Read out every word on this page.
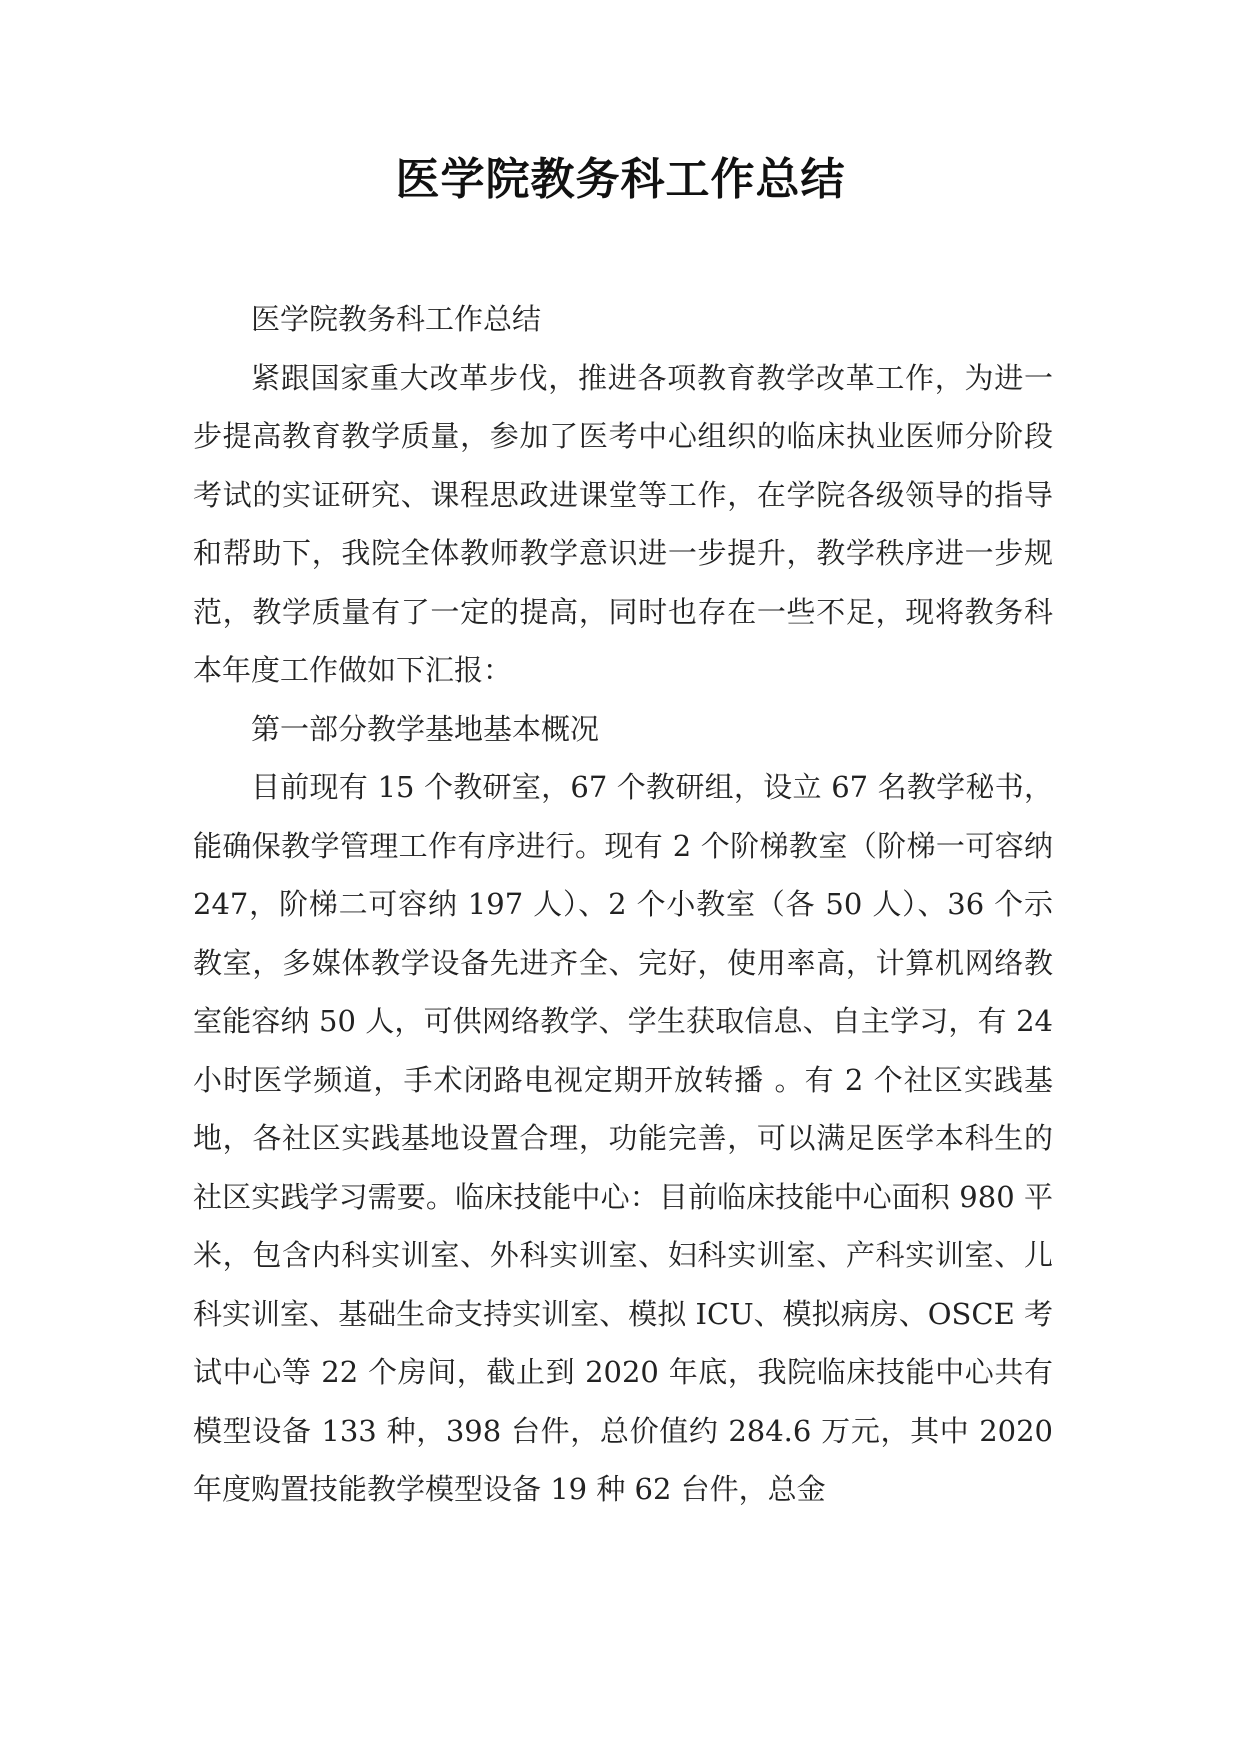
医学院教务科工作总结

医学院教务科工作总结

紧跟国家重大改革步伐，推进各项教育教学改革工作，为进一步提高教育教学质量，参加了医考中心组织的临床执业医师分阶段考试的实证研究、课程思政进课堂等工作，在学院各级领导的指导和帮助下，我院全体教师教学意识进一步提升，教学秩序进一步规范，教学质量有了一定的提高，同时也存在一些不足，现将教务科本年度工作做如下汇报：

第一部分教学基地基本概况

目前现有 15 个教研室，67 个教研组，设立 67 名教学秘书，能确保教学管理工作有序进行。现有 2 个阶梯教室（阶梯一可容纳 247，阶梯二可容纳 197 人）、2 个小教室（各 50 人）、36 个示教室，多媒体教学设备先进齐全、完好，使用率高，计算机网络教室能容纳 50 人，可供网络教学、学生获取信息、自主学习，有 24 小时医学频道，手术闭路电视定期开放转播 。有 2 个社区实践基地，各社区实践基地设置合理，功能完善，可以满足医学本科生的社区实践学习需要。临床技能中心：目前临床技能中心面积 980 平米，包含内科实训室、外科实训室、妇科实训室、产科实训室、儿科实训室、基础生命支持实训室、模拟 ICU、模拟病房、OSCE 考试中心等 22 个房间，截止到 2020 年底，我院临床技能中心共有模型设备 133 种，398 台件，总价值约 284.6 万元，其中 2020 年度购置技能教学模型设备 19 种 62 台件，总金
